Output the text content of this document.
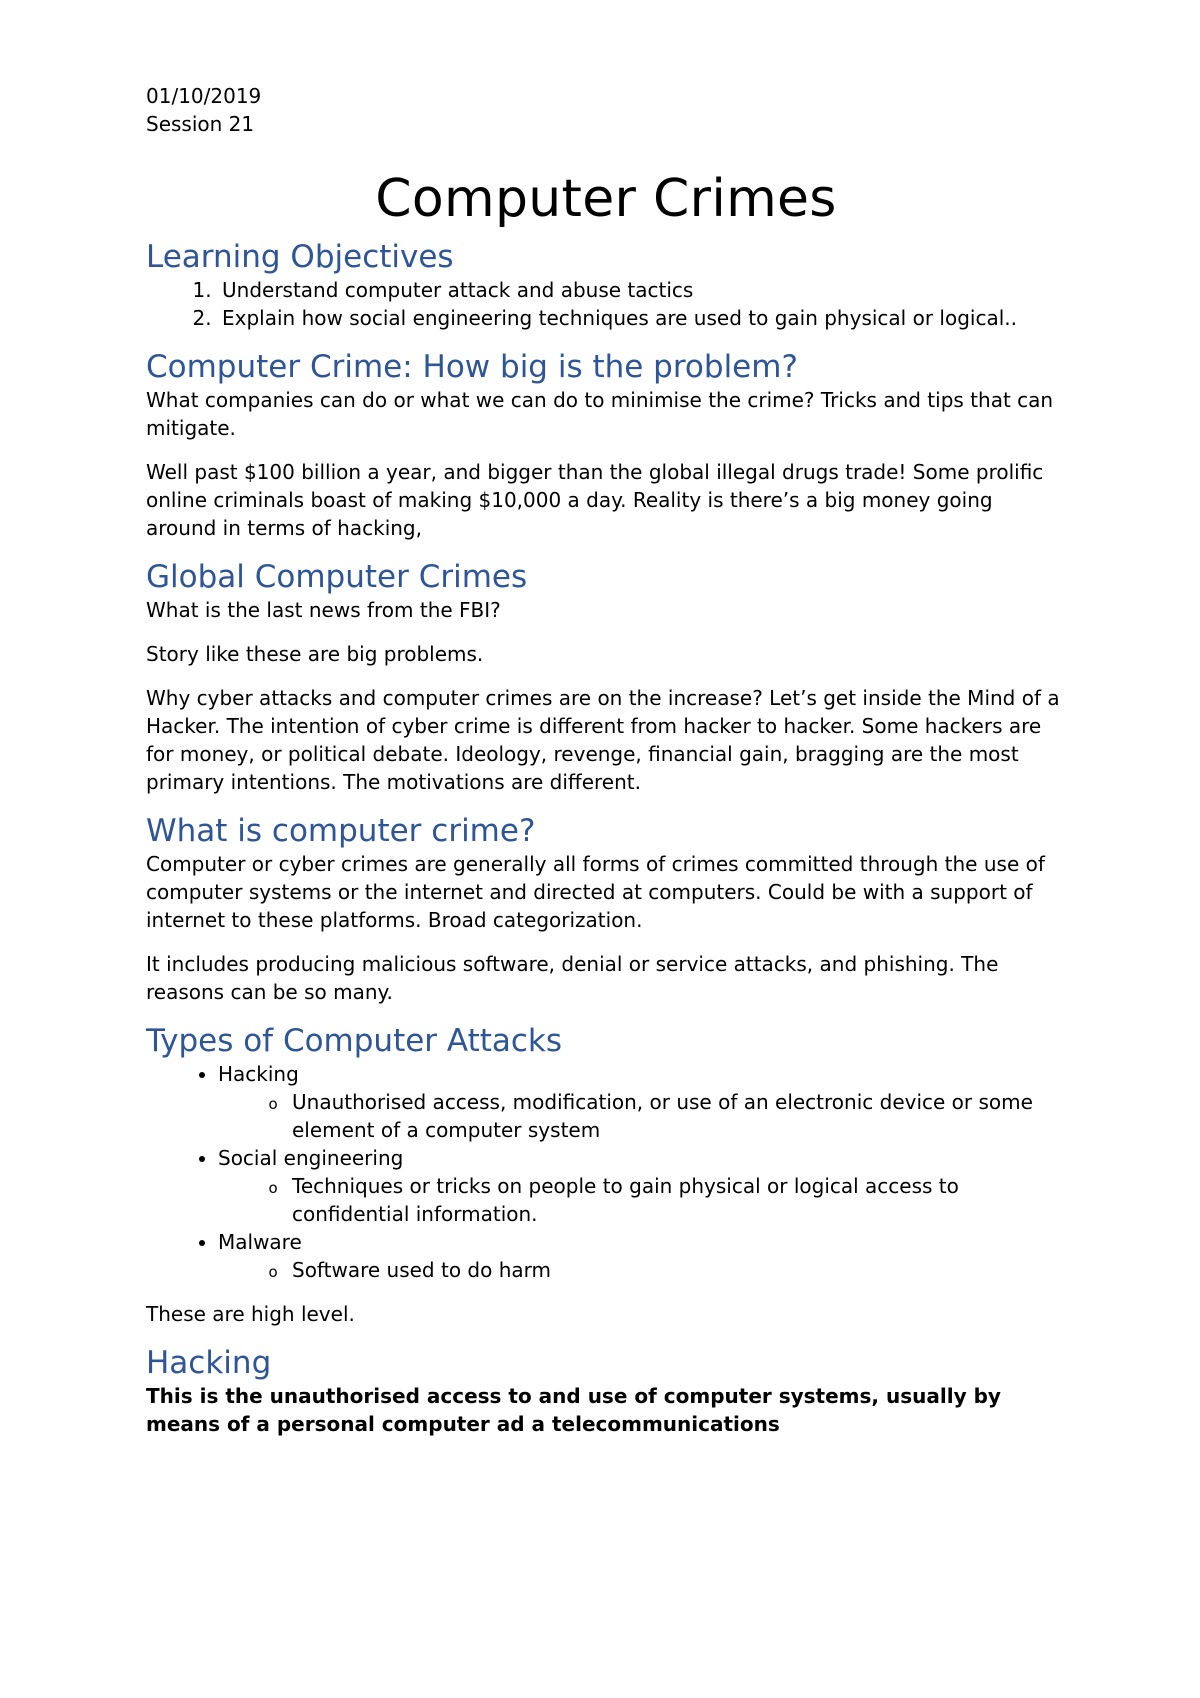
01/10/2019

Session 21

Computer Crimes
Learning Objectives
1. Understand computer attack and abuse tactics
2. Explain how social engineering techniques are used to gain physical or logical..
Computer Crime: How big is the problem?

What companies can do or what we can do to minimise the crime? Tricks and tips that can mitigate.

Well past $100 billion a year, and bigger than the global illegal drugs trade! Some prolific online criminals boast of making $10,000 a day. Reality is there’s a big money going around in terms of hacking,

Global Computer Crimes

What is the last news from the FBI?

Story like these are big problems.

Why cyber attacks and computer crimes are on the increase? Let’s get inside the Mind of a Hacker. The intention of cyber crime is different from hacker to hacker. Some hackers are for money, or political debate. Ideology, revenge, financial gain, bragging are the most primary intentions. The motivations are different.

What is computer crime?

Computer or cyber crimes are generally all forms of crimes committed through the use of computer systems or the internet and directed at computers. Could be with a support of internet to these platforms. Broad categorization.

It includes producing malicious software, denial or service attacks, and phishing. The reasons can be so many.

Types of Computer Attacks
• Hacking
o Unauthorised access, modification, or use of an electronic device or some element of a computer system
• Social engineering
o Techniques or tricks on people to gain physical or logical access to confidential information.
• Malware
o Software used to do harm

These are high level.

Hacking

This is the unauthorised access to and use of computer systems, usually by means of a personal computer ad a telecommunications
